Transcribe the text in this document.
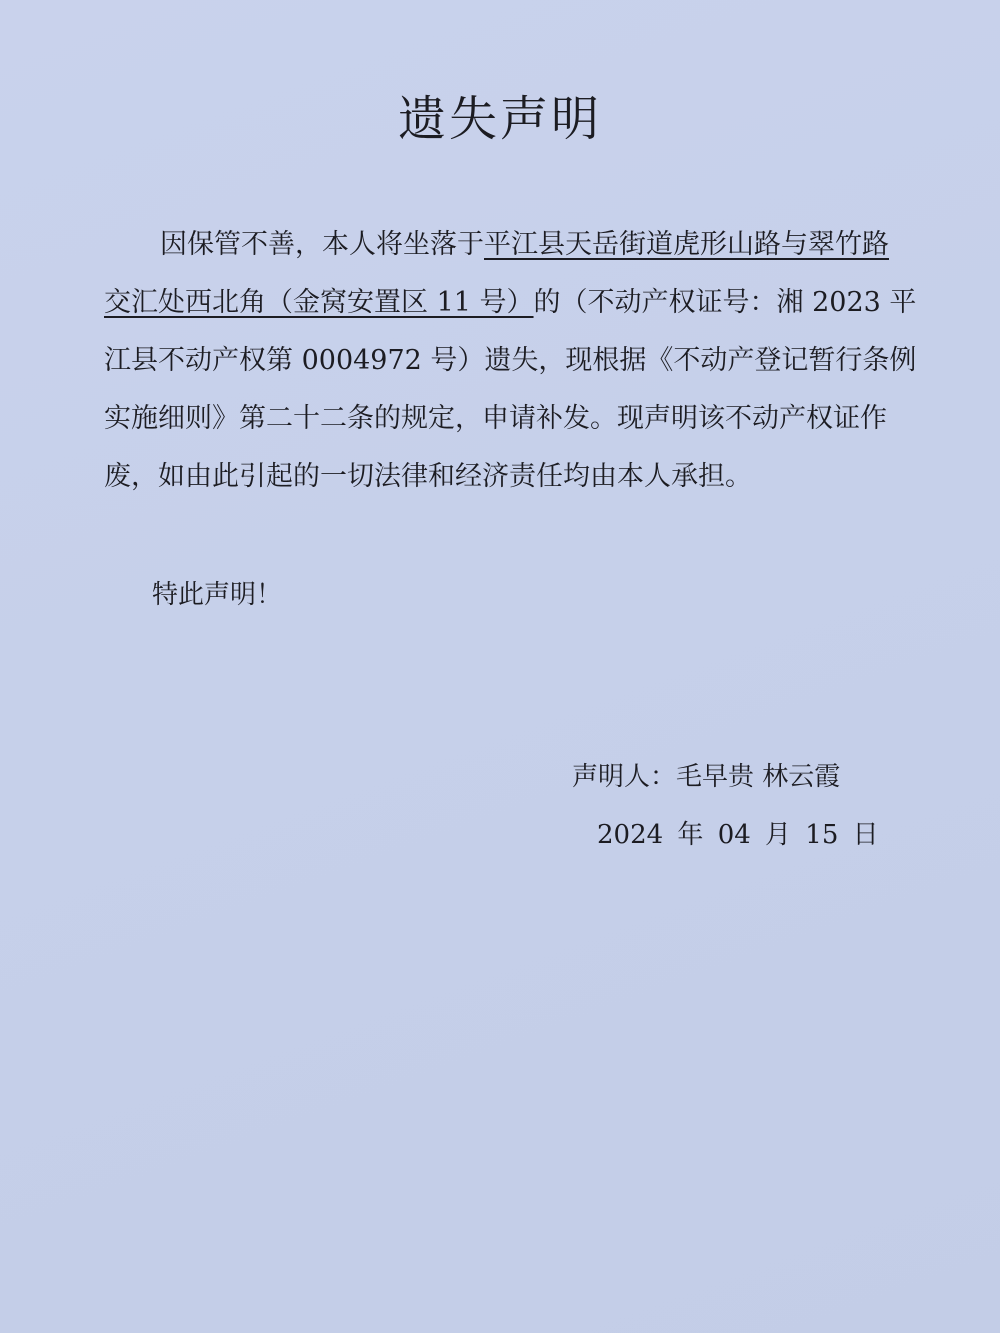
遗失声明
因保管不善，本人将坐落于平江县天岳街道虎形山路与翠竹路
交汇处西北角（金窝安置区 11 号）的（不动产权证号：湘 2023 平
江县不动产权第 0004972 号）遗失，现根据《不动产登记暂行条例
实施细则》第二十二条的规定，申请补发。现声明该不动产权证作
废，如由此引起的一切法律和经济责任均由本人承担。
特此声明！
声明人：毛早贵 林云霞
2024 年 04 月 15 日
